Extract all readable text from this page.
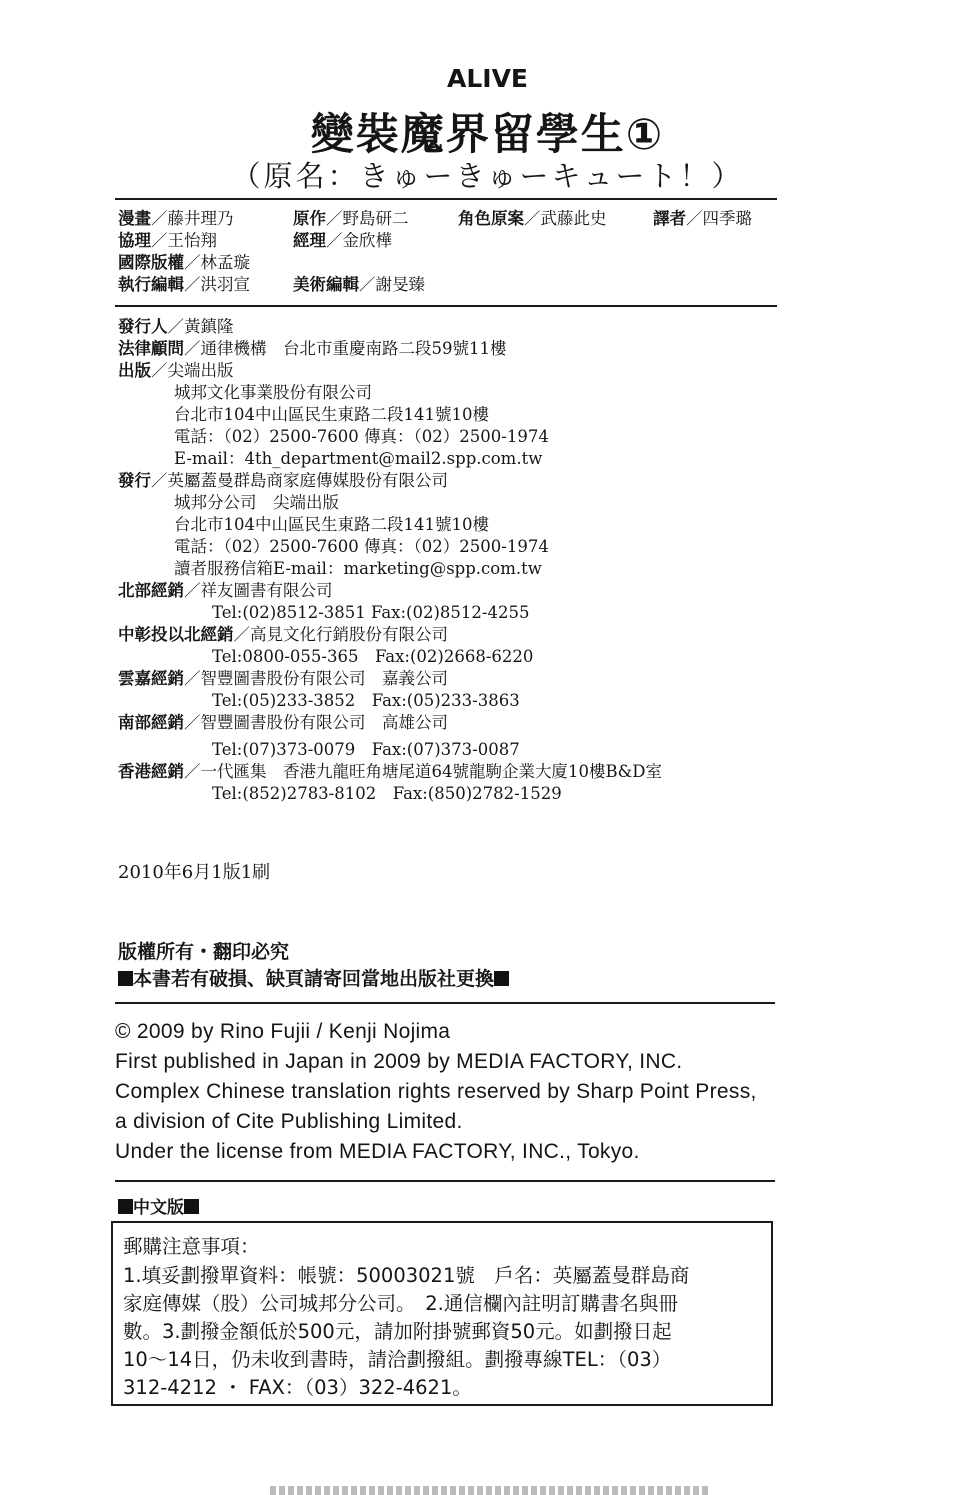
ALIVE
變裝魔界留學生①
（原名：きゅーきゅーキュート！）
漫畫／藤井理乃	原作／野島研二	角色原案／武藤此史	譯者／四季璐
協理／王怡翔	經理／金欣樺
國際版權／林孟璇
執行編輯／洪羽宣	美術編輯／謝旻臻
發行人／黃鎮隆
法律顧問／通律機構　台北市重慶南路二段59號11樓
出版／尖端出版
城邦文化事業股份有限公司
台北市104中山區民生東路二段141號10樓
電話：（02）2500-7600 傳真：（02）2500-1974
E-mail：4th_department@mail2.spp.com.tw
發行／英屬蓋曼群島商家庭傳媒股份有限公司
城邦分公司　尖端出版
台北市104中山區民生東路二段141號10樓
電話：（02）2500-7600 傳真：（02）2500-1974
讀者服務信箱E-mail：marketing@spp.com.tw
北部經銷／祥友圖書有限公司
Tel:(02)8512-3851 Fax:(02)8512-4255
中彰投以北經銷／高見文化行銷股份有限公司
Tel:0800-055-365　Fax:(02)2668-6220
雲嘉經銷／智豐圖書股份有限公司　嘉義公司
Tel:(05)233-3852　Fax:(05)233-3863
南部經銷／智豐圖書股份有限公司　高雄公司
Tel:(07)373-0079　Fax:(07)373-0087
香港經銷／一代匯集　香港九龍旺角塘尾道64號龍駒企業大廈10樓B&D室
Tel:(852)2783-8102　Fax:(850)2782-1529
2010年6月1版1刷
版權所有・翻印必究
本書若有破損、缺頁請寄回當地出版社更換
© 2009 by Rino Fujii / Kenji Nojima
First published in Japan in 2009 by MEDIA FACTORY, INC.
Complex Chinese translation rights reserved by Sharp Point Press,
a division of Cite Publishing Limited.
Under the license from MEDIA FACTORY, INC., Tokyo.
中文版
郵購注意事項：
1.填妥劃撥單資料：帳號：50003021號　戶名：英屬蓋曼群島商
家庭傳媒（股）公司城邦分公司。　2.通信欄內註明訂購書名與冊
數。3.劃撥金額低於500元，請加附掛號郵資50元。如劃撥日起
10～14日，仍未收到書時，請洽劃撥組。劃撥專線TEL：（03）
312-4212 ・ FAX：（03）322-4621。
